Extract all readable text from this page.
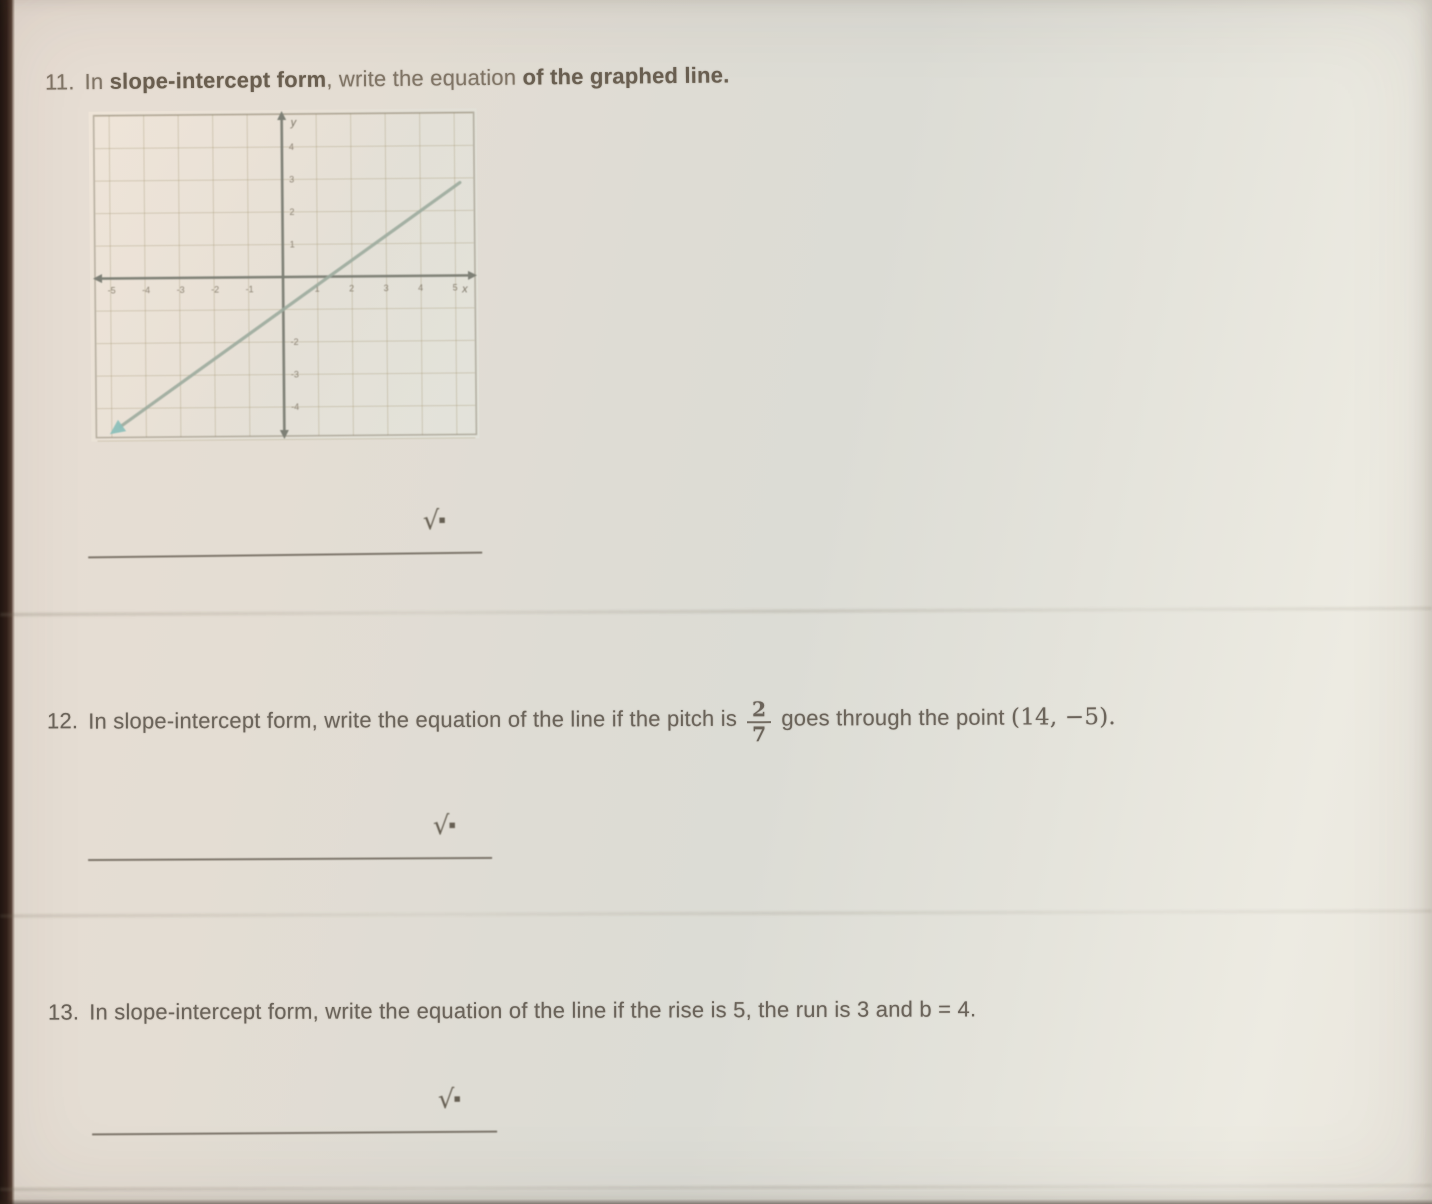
11. In slope-intercept form, write the equation of the graphed line.
-5	-4	-3	-2	-1	1	2	3	4	5
4
3
2
1
-2
-3
-4
y
x
√▪
12. In slope-intercept form, write the equation of the line if the pitch is $\frac{2}{7}$ goes through the point (14, −5).
√▪
13. In slope-intercept form, write the equation of the line if the rise is 5, the run is 3 and b = 4.
√▪
